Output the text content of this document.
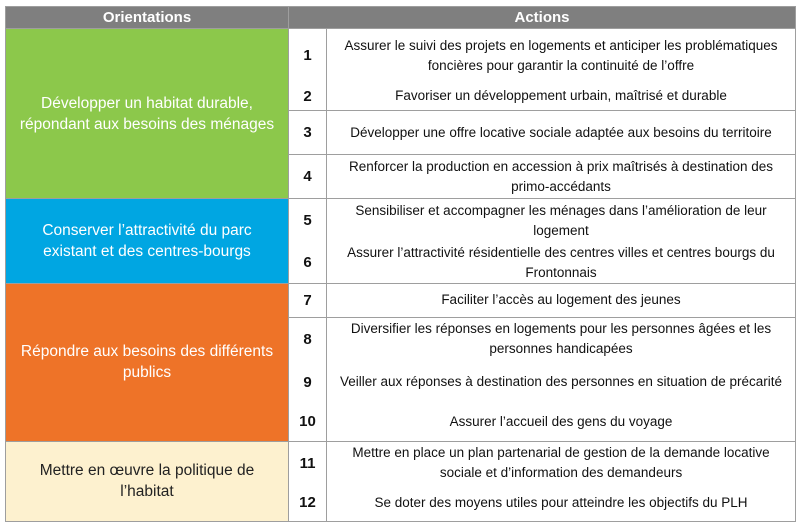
Orientations	Actions	
Développer un habitat durable, répondant aux besoins des ménages	1	Assurer le suivi des projets en logements et anticiper les problématiques foncières pour garantir la continuité de l’offre
	2	Favoriser un développement urbain, maîtrisé et durable
	3	Développer une offre locative sociale adaptée aux besoins du territoire
	4	Renforcer la production en accession à prix maîtrisés à destination des primo-accédants
Conserver l’attractivité du parc existant et des centres-bourgs	5	Sensibiliser et accompagner les ménages dans l’amélioration de leur logement
	6	Assurer l’attractivité résidentielle des centres villes et centres bourgs du Frontonnais
Répondre aux besoins des différents publics	7	Faciliter l’accès au logement des jeunes
	8	Diversifier les réponses en logements pour les personnes âgées et les personnes handicapées
	9	Veiller aux réponses à destination des personnes en situation de précarité
	10	Assurer l’accueil des gens du voyage
Mettre en œuvre la politique de l’habitat	11	Mettre en place un plan partenarial de gestion de la demande locative sociale et d’information des demandeurs
	12	Se doter des moyens utiles pour atteindre les objectifs du PLH
